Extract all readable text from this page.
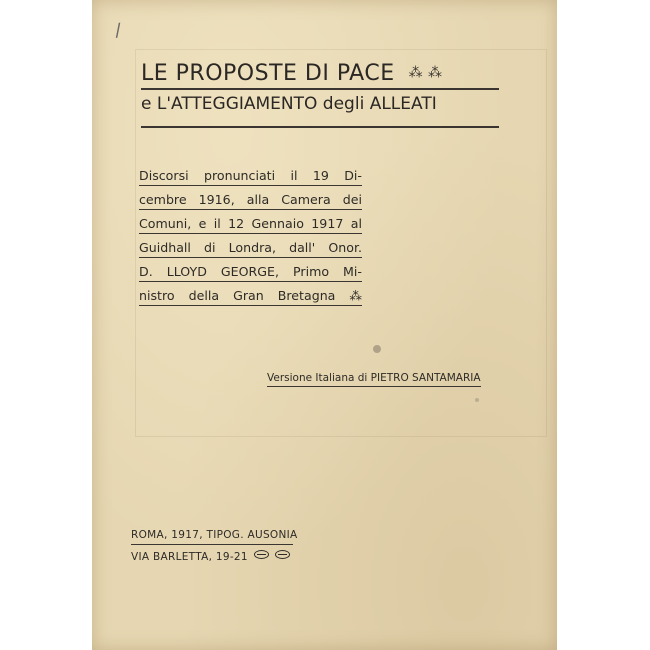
/
LE PROPOSTE DI PACE ⁂ ⁂
e L'ATTEGGIAMENTO degli ALLEATI
Discorsi pronunciati il 19 Di-
cembre 1916, alla Camera dei
Comuni, e il 12 Gennaio 1917 al
Guidhall di Londra, dall' Onor.
D. LLOYD GEORGE, Primo Mi-
nistro della Gran Bretagna ⁂
Versione Italiana di PIETRO SANTAMARIA
ROMA, 1917, TIPOG. AUSONIA
VIA BARLETTA, 19-21
